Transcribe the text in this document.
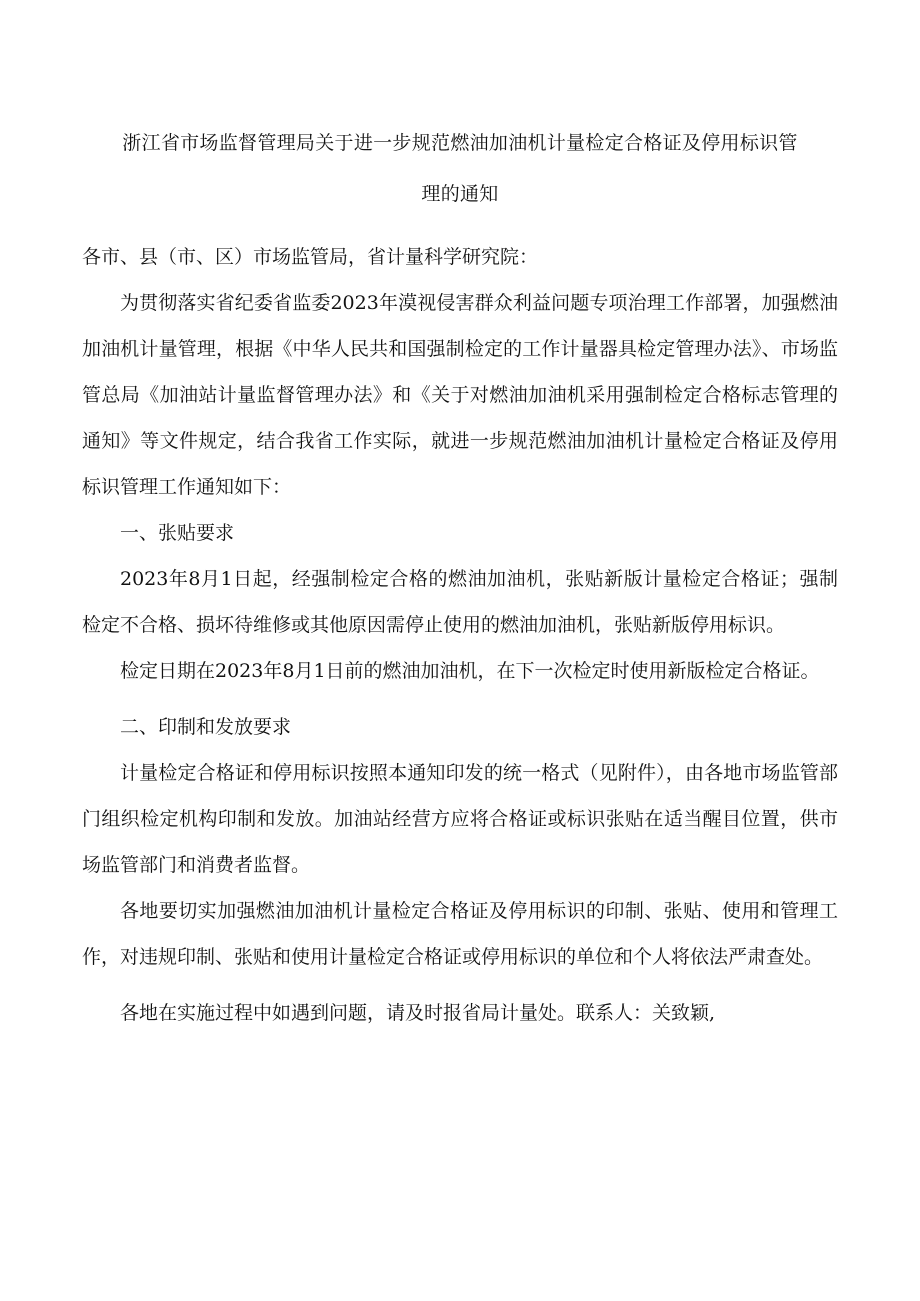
浙江省市场监督管理局关于进一步规范燃油加油机计量检定合格证及停用标识管
理的通知

各市、县（市、区）市场监管局，省计量科学研究院：

为贯彻落实省纪委省监委2023年漠视侵害群众利益问题专项治理工作部署，加强燃油加油机计量管理，根据《中华人民共和国强制检定的工作计量器具检定管理办法》、市场监管总局《加油站计量监督管理办法》和《关于对燃油加油机采用强制检定合格标志管理的通知》等文件规定，结合我省工作实际，就进一步规范燃油加油机计量检定合格证及停用标识管理工作通知如下：

一、张贴要求

2023年8月1日起，经强制检定合格的燃油加油机，张贴新版计量检定合格证；强制检定不合格、损坏待维修或其他原因需停止使用的燃油加油机，张贴新版停用标识。

检定日期在2023年8月1日前的燃油加油机，在下一次检定时使用新版检定合格证。

二、印制和发放要求

计量检定合格证和停用标识按照本通知印发的统一格式（见附件），由各地市场监管部门组织检定机构印制和发放。加油站经营方应将合格证或标识张贴在适当醒目位置，供市场监管部门和消费者监督。

各地要切实加强燃油加油机计量检定合格证及停用标识的印制、张贴、使用和管理工作，对违规印制、张贴和使用计量检定合格证或停用标识的单位和个人将依法严肃查处。

各地在实施过程中如遇到问题，请及时报省局计量处。联系人：关致颖,
